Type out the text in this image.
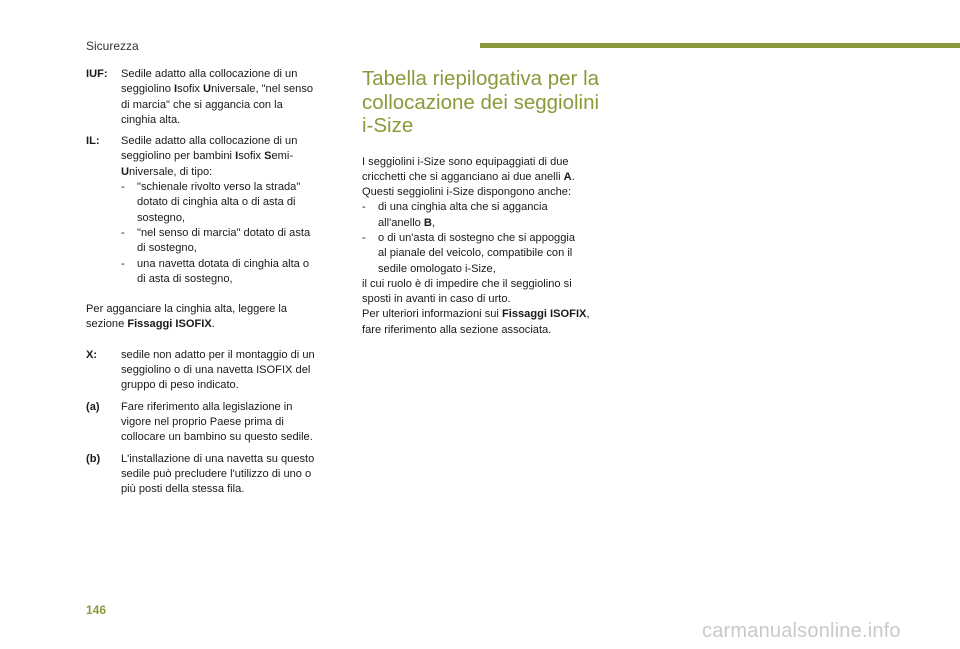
Sicurezza
IUF:	Sedile adatto alla collocazione di un
seggiolino Isofix Universale, "nel senso
di marcia" che si aggancia con la
cinghia alta.
IL:	Sedile adatto alla collocazione di un
seggiolino per bambini Isofix Semi-
Universale, di tipo:
-	"schienale rivolto verso la strada"
dotato di cinghia alta o di asta di
sostegno,
-	"nel senso di marcia" dotato di asta
di sostegno,
-	una navetta dotata di cinghia alta o
di asta di sostegno,
Per agganciare la cinghia alta, leggere la
sezione Fissaggi ISOFIX.
X:	sedile non adatto per il montaggio di un
seggiolino o di una navetta ISOFIX del
gruppo di peso indicato.
(a)	Fare riferimento alla legislazione in
vigore nel proprio Paese prima di
collocare un bambino su questo sedile.
(b)	L'installazione di una navetta su questo
sedile può precludere l'utilizzo di uno o
più posti della stessa fila.
Tabella riepilogativa per la
collocazione dei seggiolini
i-Size
I seggiolini i-Size sono equipaggiati di due
cricchetti che si agganciano ai due anelli A.
Questi seggiolini i-Size dispongono anche:
-	di una cinghia alta che si aggancia
all'anello B,
-	o di un'asta di sostegno che si appoggia
al pianale del veicolo, compatibile con il
sedile omologato i-Size,
il cui ruolo è di impedire che il seggiolino si
sposti in avanti in caso di urto.
Per ulteriori informazioni sui Fissaggi ISOFIX,
fare riferimento alla sezione associata.
146
carmanualsonline.info
